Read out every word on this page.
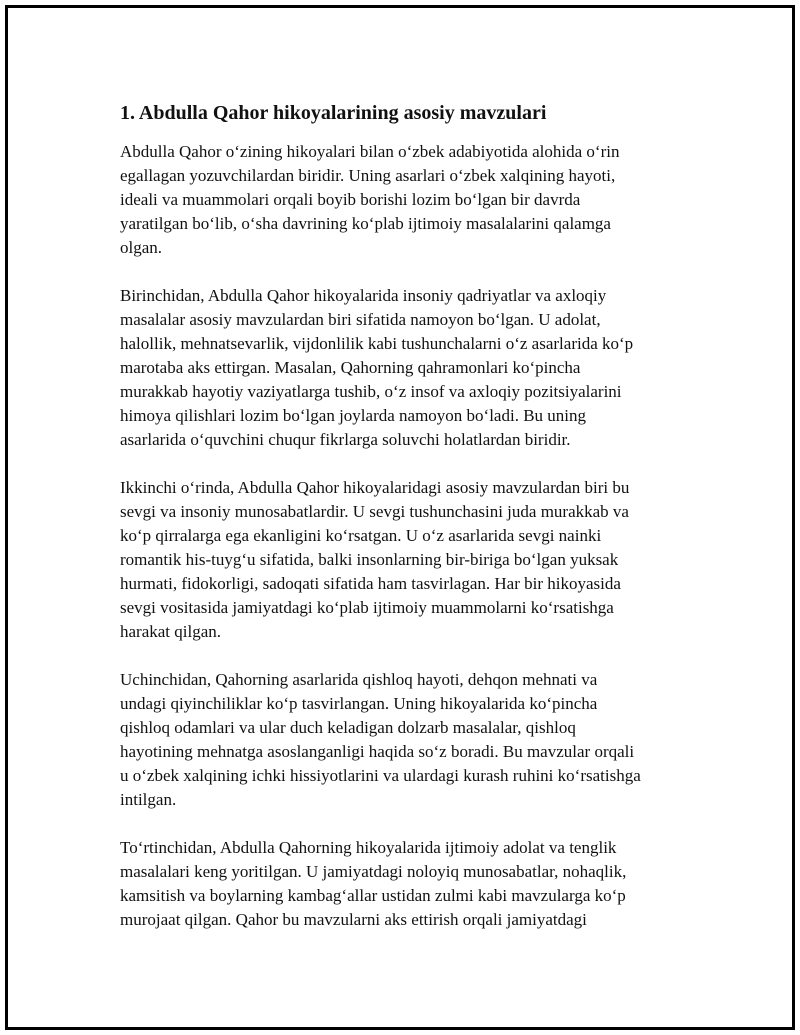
1. Abdulla Qahor hikoyalarining asosiy mavzulari

Abdulla Qahor o‘zining hikoyalari bilan o‘zbek adabiyotida alohida o‘rin
egallagan yozuvchilardan biridir. Uning asarlari o‘zbek xalqining hayoti,
ideali va muammolari orqali boyib borishi lozim bo‘lgan bir davrda
yaratilgan bo‘lib, o‘sha davrining ko‘plab ijtimoiy masalalarini qalamga
olgan.

Birinchidan, Abdulla Qahor hikoyalarida insoniy qadriyatlar va axloqiy
masalalar asosiy mavzulardan biri sifatida namoyon bo‘lgan. U adolat,
halollik, mehnatsevarlik, vijdonlilik kabi tushunchalarni o‘z asarlarida ko‘p
marotaba aks ettirgan. Masalan, Qahorning qahramonlari ko‘pincha
murakkab hayotiy vaziyatlarga tushib, o‘z insof va axloqiy pozitsiyalarini
himoya qilishlari lozim bo‘lgan joylarda namoyon bo‘ladi. Bu uning
asarlarida o‘quvchini chuqur fikrlarga soluvchi holatlardan biridir.

Ikkinchi o‘rinda, Abdulla Qahor hikoyalaridagi asosiy mavzulardan biri bu
sevgi va insoniy munosabatlardir. U sevgi tushunchasini juda murakkab va
ko‘p qirralarga ega ekanligini ko‘rsatgan. U o‘z asarlarida sevgi nainki
romantik his-tuyg‘u sifatida, balki insonlarning bir-biriga bo‘lgan yuksak
hurmati, fidokorligi, sadoqati sifatida ham tasvirlagan. Har bir hikoyasida
sevgi vositasida jamiyatdagi ko‘plab ijtimoiy muammolarni ko‘rsatishga
harakat qilgan.

Uchinchidan, Qahorning asarlarida qishloq hayoti, dehqon mehnati va
undagi qiyinchiliklar ko‘p tasvirlangan. Uning hikoyalarida ko‘pincha
qishloq odamlari va ular duch keladigan dolzarb masalalar, qishloq
hayotining mehnatga asoslanganligi haqida so‘z boradi. Bu mavzular orqali
u o‘zbek xalqining ichki hissiyotlarini va ulardagi kurash ruhini ko‘rsatishga
intilgan.

To‘rtinchidan, Abdulla Qahorning hikoyalarida ijtimoiy adolat va tenglik
masalalari keng yoritilgan. U jamiyatdagi noloyiq munosabatlar, nohaqlik,
kamsitish va boylarning kambag‘allar ustidan zulmi kabi mavzularga ko‘p
murojaat qilgan. Qahor bu mavzularni aks ettirish orqali jamiyatdagi
